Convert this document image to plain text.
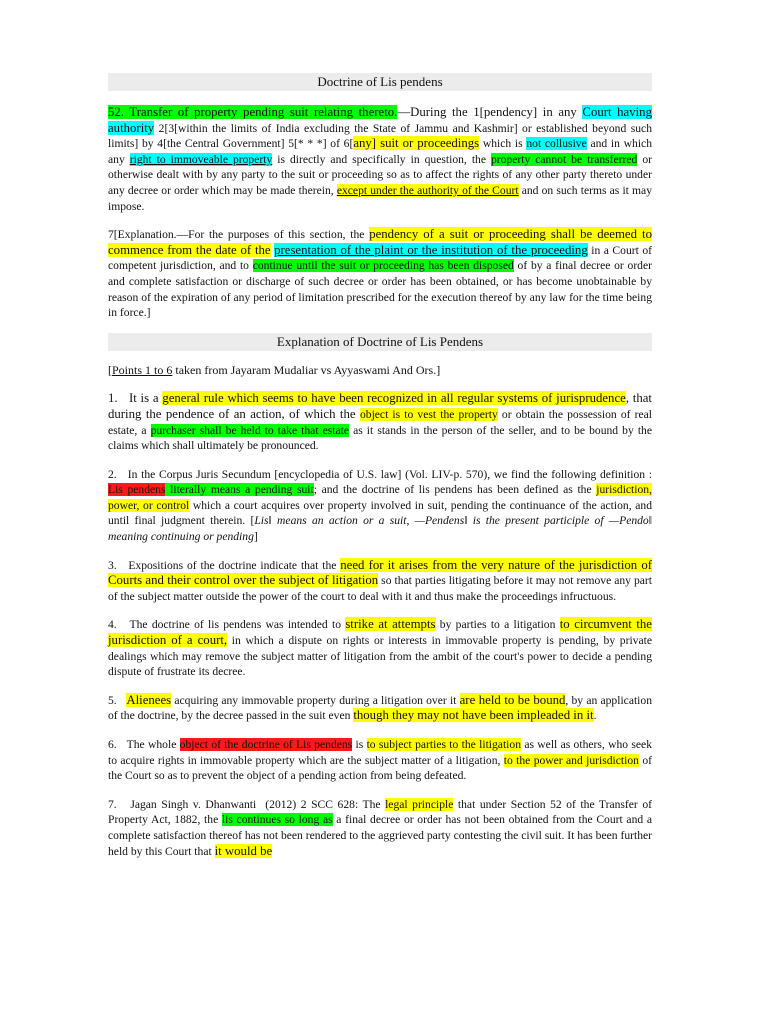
Doctrine of Lis pendens

52. Transfer of property pending suit relating thereto.—During the 1[pendency] in any Court having authority 2[3[within the limits of India excluding the State of Jammu and Kashmir] or established beyond such limits] by 4[the Central Government] 5[* * *] of 6[any] suit or proceedings which is not collusive and in which any right to immoveable property is directly and specifically in question, the property cannot be transferred or otherwise dealt with by any party to the suit or proceeding so as to affect the rights of any other party thereto under any decree or order which may be made therein, except under the authority of the Court and on such terms as it may impose.

7[Explanation.—For the purposes of this section, the pendency of a suit or proceeding shall be deemed to commence from the date of the presentation of the plaint or the institution of the proceeding in a Court of competent jurisdiction, and to continue until the suit or proceeding has been disposed of by a final decree or order and complete satisfaction or discharge of such decree or order has been obtained, or has become unobtainable by reason of the expiration of any period of limitation prescribed for the execution thereof by any law for the time being in force.]

Explanation of Doctrine of Lis Pendens

[Points 1 to 6 taken from Jayaram Mudaliar vs Ayyaswami And Ors.]

1.   It is a general rule which seems to have been recognized in all regular systems of jurisprudence, that during the pendence of an action, of which the object is to vest the property or obtain the possession of real estate, a purchaser shall be held to take that estate as it stands in the person of the seller, and to be bound by the claims which shall ultimately be pronounced.

2.   In the Corpus Juris Secundum [encyclopedia of U.S. law] (Vol. LIV-p. 570), we find the following definition : Lis pendens literally means a pending suit; and the doctrine of lis pendens has been defined as the jurisdiction, power, or control which a court acquires over property involved in suit, pending the continuance of the action, and until final judgment therein. [Lis‖ means an action or a suit, —Pendens‖ is the present participle of —Pendo‖ meaning continuing or pending]

3.   Expositions of the doctrine indicate that the need for it arises from the very nature of the jurisdiction of Courts and their control over the subject of litigation so that parties litigating before it may not remove any part of the subject matter outside the power of the court to deal with it and thus make the proceedings infructuous.

4.   The doctrine of lis pendens was intended to strike at attempts by parties to a litigation to circumvent the jurisdiction of a court, in which a dispute on rights or interests in immovable property is pending, by private dealings which may remove the subject matter of litigation from the ambit of the court's power to decide a pending dispute of frustrate its decree.

5.   Alienees acquiring any immovable property during a litigation over it are held to be bound, by an application of the doctrine, by the decree passed in the suit even though they may not have been impleaded in it.

6.   The whole object of the doctrine of Lis pendens is to subject parties to the litigation as well as others, who seek to acquire rights in immovable property which are the subject matter of a litigation, to the power and jurisdiction of the Court so as to prevent the object of a pending action from being defeated.

7.   Jagan Singh v. Dhanwanti  (2012) 2 SCC 628: The legal principle that under Section 52 of the Transfer of Property Act, 1882, the lis continues so long as a final decree or order has not been obtained from the Court and a complete satisfaction thereof has not been rendered to the aggrieved party contesting the civil suit. It has been further held by this Court that it would be
